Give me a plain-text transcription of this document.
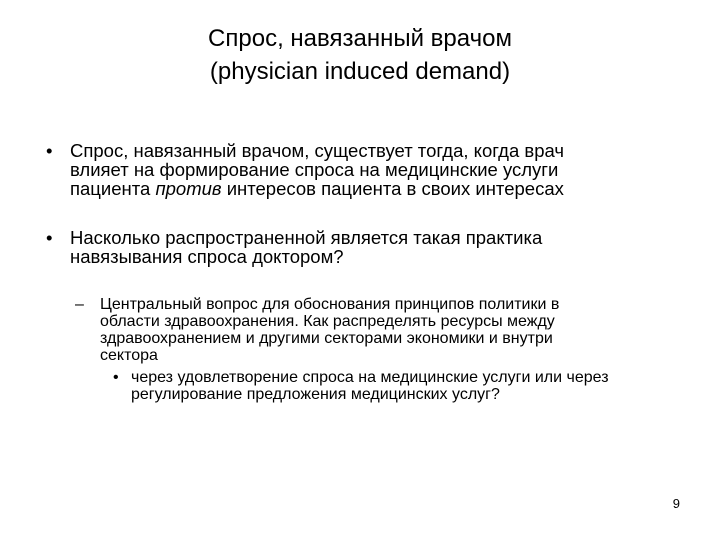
Спрос, навязанный врачом
(physician induced demand)
• Спрос, навязанный врачом, существует тогда, когда врач
влияет на формирование спроса на медицинские услуги
пациента против интересов пациента в своих интересах
• Насколько распространенной является такая практика
навязывания спроса доктором?
– Центральный вопрос для обоснования принципов политики в
области здравоохранения. Как распределять ресурсы между
здравоохранением и другими секторами экономики и внутри
сектора
• через удовлетворение спроса на медицинские услуги или через
регулирование предложения медицинских услуг?
9
